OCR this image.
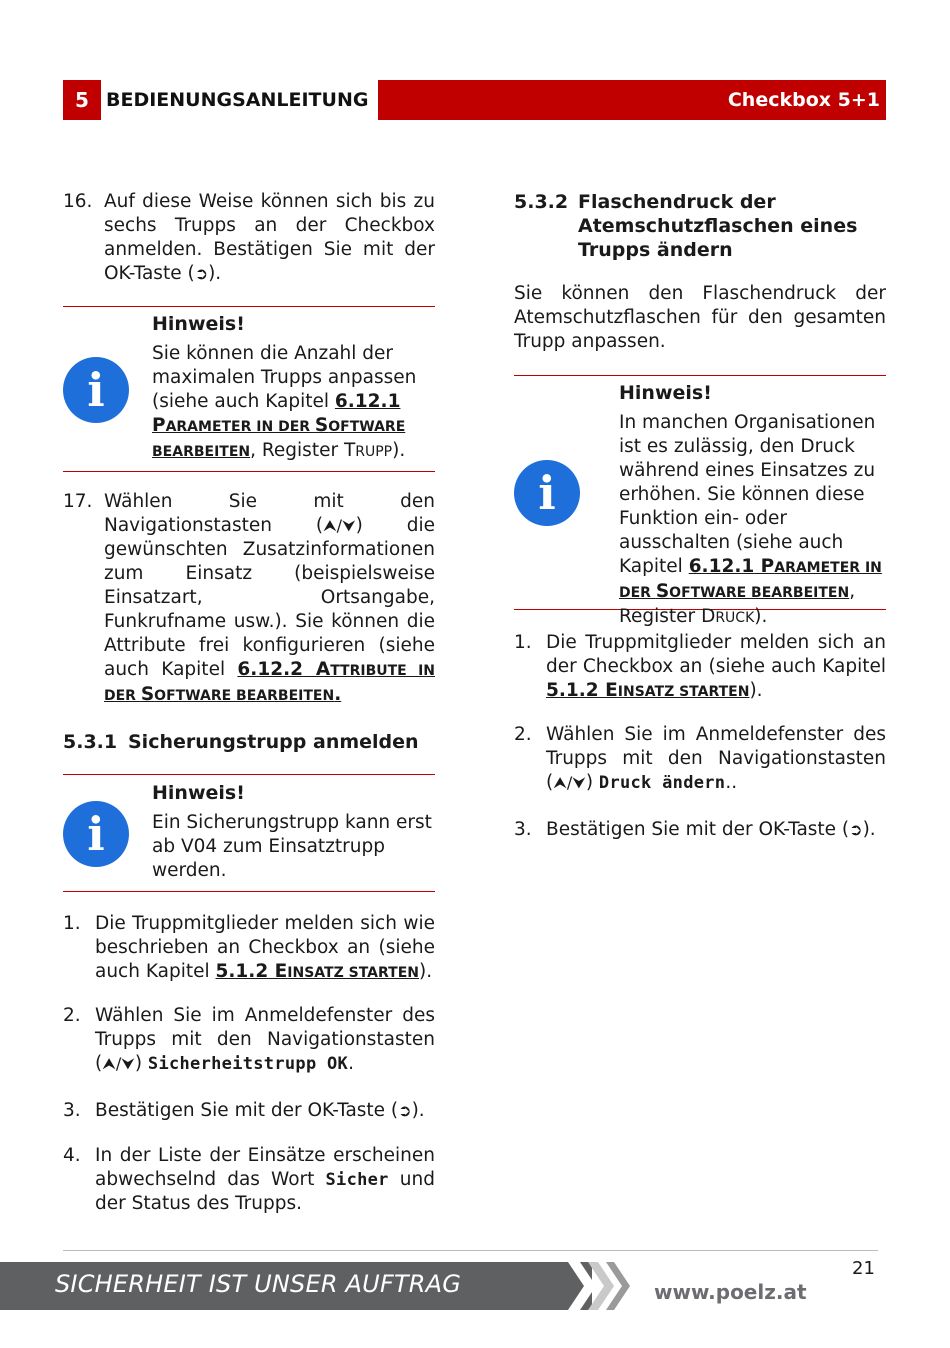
5 BEDIENUNGSANLEITUNG	Checkbox 5+1
16. Auf diese Weise können sich bis zu sechs Trupps an der Checkbox anmelden. Bestätigen Sie mit der OK-Taste (➲).
i

Hinweis!

Sie können die Anzahl der maximalen Trupps anpassen (siehe auch Kapitel 6.12.1 PARAMETER IN DER SOFTWARE BEARBEITEN, Register TRUPP).

17. Wählen Sie mit den Navigationstasten (⮝/⮟) die gewünschten Zusatzinformationen zum Einsatz (beispielsweise Einsatzart, Ortsangabe, Funkrufname usw.). Sie können die Attribute frei konfigurieren (siehe auch Kapitel 6.12.2 ATTRIBUTE IN DER SOFTWARE BEARBEITEN.
5.3.1 Sicherungstrupp anmelden
i

Hinweis!

Ein Sicherungstrupp kann erst ab V04 zum Einsatztrupp werden.

1. Die Truppmitglieder melden sich wie beschrieben an Checkbox an (siehe auch Kapitel 5.1.2 EINSATZ STARTEN).
2. Wählen Sie im Anmeldefenster des Trupps mit den Navigationstasten (⮝/⮟) Sicherheitstrupp OK.
3. Bestätigen Sie mit der OK-Taste (➲).
4. In der Liste der Einsätze erscheinen abwechselnd das Wort Sicher und der Status des Trupps.
5.3.2 Flaschendruck der Atemschutzflaschen eines Trupps ändern

Sie können den Flaschendruck der Atemschutzflaschen für den gesamten Trupp anpassen.

i

Hinweis!

In manchen Organisationen ist es zulässig, den Druck während eines Einsatzes zu erhöhen. Sie können diese Funktion ein- oder ausschalten (siehe auch Kapitel 6.12.1 PARAMETER IN DER SOFTWARE BEARBEITEN, Register DRUCK).

1. Die Truppmitglieder melden sich an der Checkbox an (siehe auch Kapitel 5.1.2 EINSATZ STARTEN).
2. Wählen Sie im Anmeldefenster des Trupps mit den Navigationstasten (⮝/⮟) Druck ändern..
3. Bestätigen Sie mit der OK-Taste (➲).
21
SICHERHEIT IST UNSER AUFTRAG	www.poelz.at
